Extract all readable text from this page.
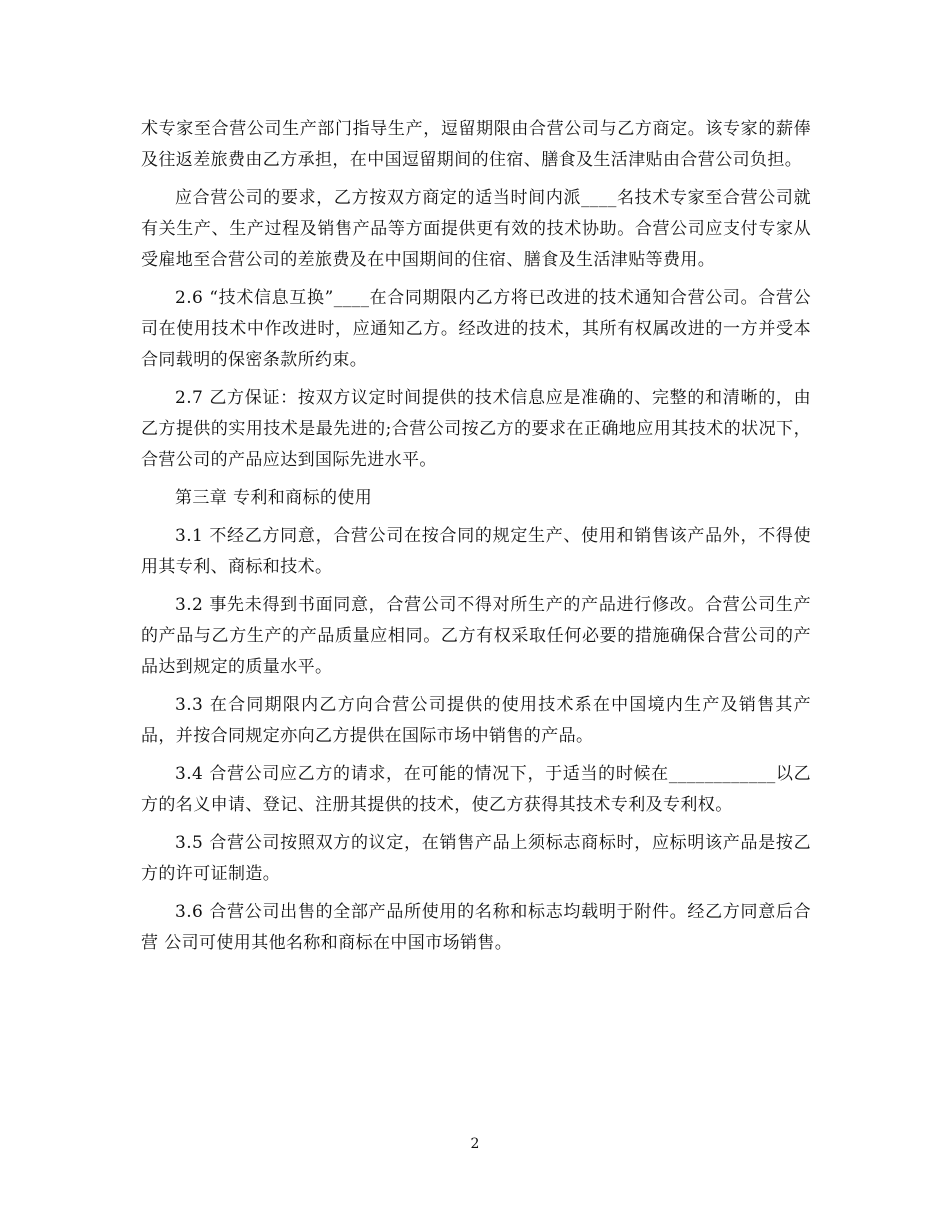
术专家至合营公司生产部门指导生产，逗留期限由合营公司与乙方商定。该专家的薪俸及往返差旅费由乙方承担，在中国逗留期间的住宿、膳食及生活津贴由合营公司负担。

应合营公司的要求，乙方按双方商定的适当时间内派____名技术专家至合营公司就有关生产、生产过程及销售产品等方面提供更有效的技术协助。合营公司应支付专家从受雇地至合营公司的差旅费及在中国期间的住宿、膳食及生活津贴等费用。

2.6 “技术信息互换”____在合同期限内乙方将已改进的技术通知合营公司。合营公司在使用技术中作改进时，应通知乙方。经改进的技术，其所有权属改进的一方并受本合同载明的保密条款所约束。

2.7 乙方保证：按双方议定时间提供的技术信息应是准确的、完整的和清晰的，由乙方提供的实用技术是最先进的;合营公司按乙方的要求在正确地应用其技术的状况下，合营公司的产品应达到国际先进水平。

第三章 专利和商标的使用

3.1 不经乙方同意，合营公司在按合同的规定生产、使用和销售该产品外，不得使用其专利、商标和技术。

3.2 事先未得到书面同意，合营公司不得对所生产的产品进行修改。合营公司生产的产品与乙方生产的产品质量应相同。乙方有权采取任何必要的措施确保合营公司的产品达到规定的质量水平。

3.3 在合同期限内乙方向合营公司提供的使用技术系在中国境内生产及销售其产品，并按合同规定亦向乙方提供在国际市场中销售的产品。

3.4 合营公司应乙方的请求，在可能的情况下，于适当的时候在____________以乙方的名义申请、登记、注册其提供的技术，使乙方获得其技术专利及专利权。

3.5 合营公司按照双方的议定，在销售产品上须标志商标时，应标明该产品是按乙方的许可证制造。

3.6 合营公司出售的全部产品所使用的名称和标志均载明于附件。经乙方同意后合营 公司可使用其他名称和商标在中国市场销售。

2
